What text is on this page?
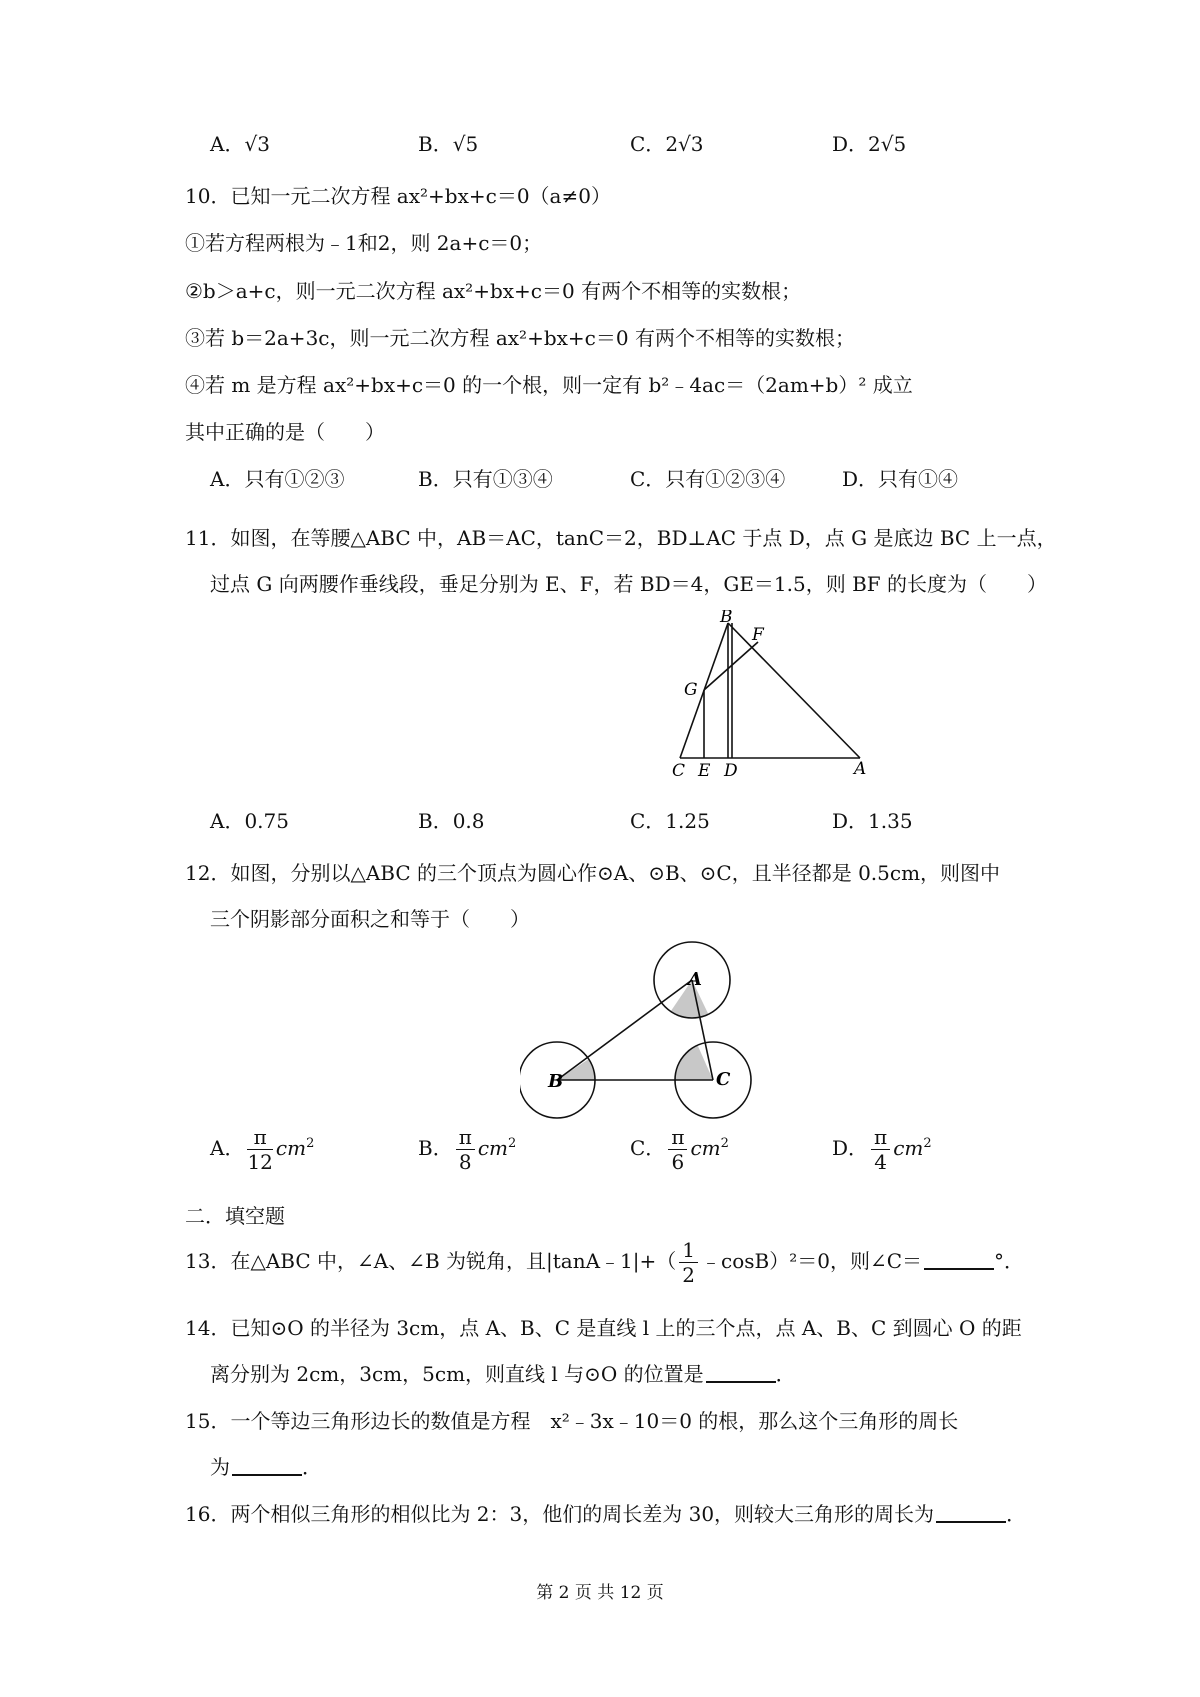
A．√3	B．√5	C．2√3	D．2√5
10．已知一元二次方程 ax²+bx+c＝0（a≠0）
①若方程两根为﹣1和2，则 2a+c＝0；
②b＞a+c，则一元二次方程 ax²+bx+c＝0 有两个不相等的实数根；
③若 b＝2a+3c，则一元二次方程 ax²+bx+c＝0 有两个不相等的实数根；
④若 m 是方程 ax²+bx+c＝0 的一个根，则一定有 b²﹣4ac＝（2am+b）² 成立
其中正确的是（　　）
A．只有①②③	B．只有①③④	C．只有①②③④	D．只有①④
11．如图，在等腰△ABC 中，AB＝AC，tanC＝2，BD⊥AC 于点 D，点 G 是底边 BC 上一点，
过点 G 向两腰作垂线段，垂足分别为 E、F，若 BD＝4，GE＝1.5，则 BF 的长度为（　　）
B
F
G
C E D	A
A．0.75	B．0.8	C．1.25	D．1.35
12．如图，分别以△ABC 的三个顶点为圆心作⊙A、⊙B、⊙C，且半径都是 0.5cm，则图中
三个阴影部分面积之和等于（　　）
A
B	C
A． $\frac{\pi}{12} cm^2$	B． $\frac{\pi}{8} cm^2$	C． $\frac{\pi}{6} cm^2$	D． $\frac{\pi}{4} cm^2$
二．填空题
13．在△ABC 中，∠A、∠B 为锐角，且|tanA﹣1|+（ $\frac{1}{2}$ ﹣cosB）²＝0，则∠C＝	°．
14．已知⊙O 的半径为 3cm，点 A、B、C 是直线 l 上的三个点，点 A、B、C 到圆心 O 的距
离分别为 2cm，3cm，5cm，则直线 l 与⊙O 的位置是	．
15．一个等边三角形边长的数值是方程　x²﹣3x﹣10＝0 的根，那么这个三角形的周长
为	．
16．两个相似三角形的相似比为 2：3，他们的周长差为 30，则较大三角形的周长为	．
第 2 页 共 12 页
